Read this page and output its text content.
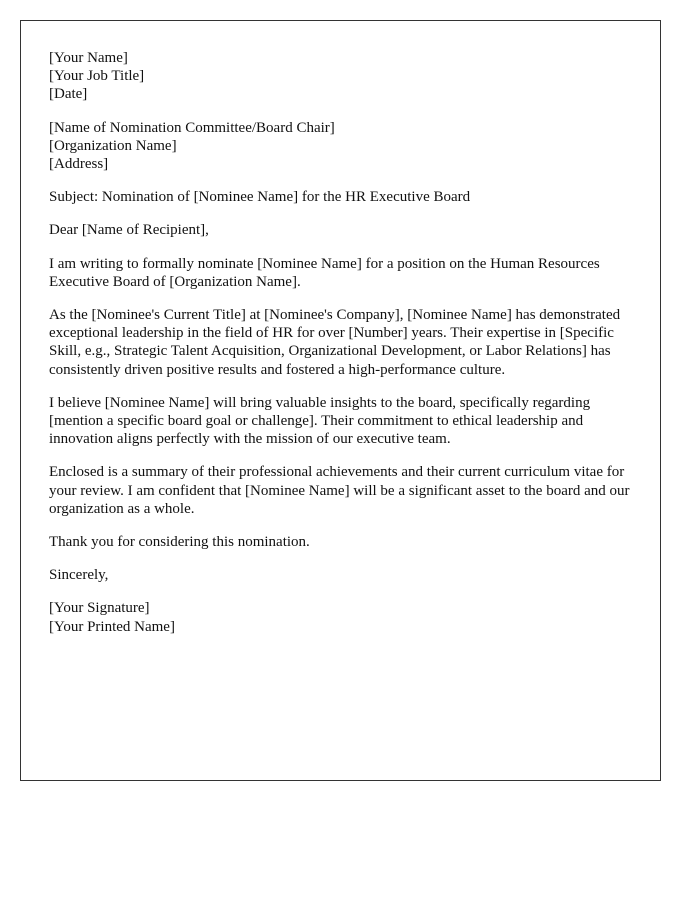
[Your Name]
[Your Job Title]
[Date]
[Name of Nomination Committee/Board Chair]
[Organization Name]
[Address]

Subject: Nomination of [Nominee Name] for the HR Executive Board

Dear [Name of Recipient],

I am writing to formally nominate [Nominee Name] for a position on the Human Resources Executive Board of [Organization Name].

As the [Nominee's Current Title] at [Nominee's Company], [Nominee Name] has demonstrated exceptional leadership in the field of HR for over [Number] years. Their expertise in [Specific Skill, e.g., Strategic Talent Acquisition, Organizational Development, or Labor Relations] has consistently driven positive results and fostered a high-performance culture.

I believe [Nominee Name] will bring valuable insights to the board, specifically regarding [mention a specific board goal or challenge]. Their commitment to ethical leadership and innovation aligns perfectly with the mission of our executive team.

Enclosed is a summary of their professional achievements and their current curriculum vitae for your review. I am confident that [Nominee Name] will be a significant asset to the board and our organization as a whole.

Thank you for considering this nomination.

Sincerely,

[Your Signature]
[Your Printed Name]
